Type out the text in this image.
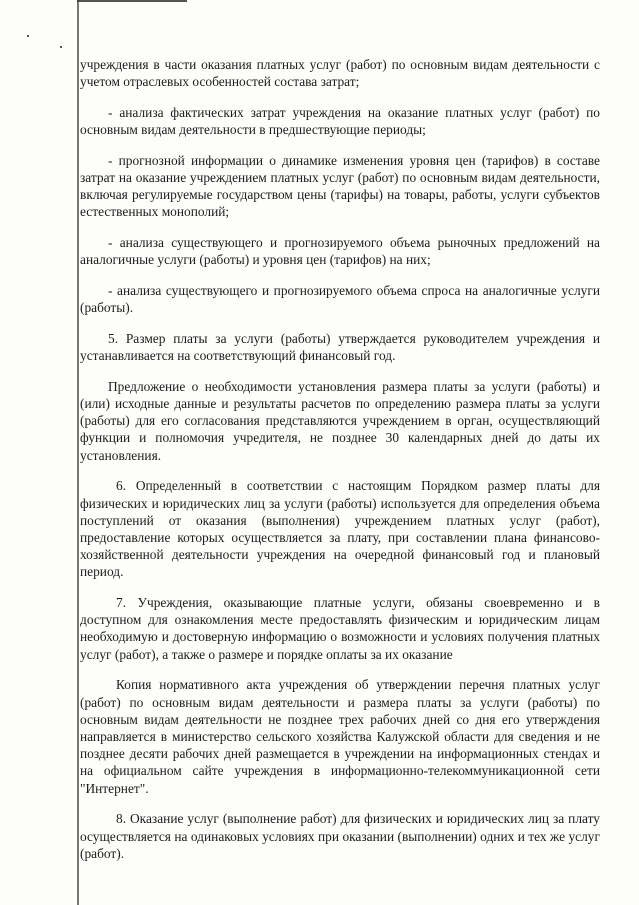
учреждения в части оказания платных услуг (работ) по основным видам деятельности с учетом отраслевых особенностей состава затрат;

- анализа фактических затрат учреждения на оказание платных услуг (работ) по основным видам деятельности в предшествующие периоды;

- прогнозной информации о динамике изменения уровня цен (тарифов) в составе затрат на оказание учреждением платных услуг (работ) по основным видам деятельности, включая регулируемые государством цены (тарифы) на товары, работы, услуги субъектов естественных монополий;

- анализа существующего и прогнозируемого объема рыночных предложений на аналогичные услуги (работы) и уровня цен (тарифов) на них;

- анализа существующего и прогнозируемого объема спроса на аналогичные услуги (работы).

5. Размер платы за услуги (работы) утверждается руководителем учреждения и устанавливается на соответствующий финансовый год.

Предложение о необходимости установления размера платы за услуги (работы) и (или) исходные данные и результаты расчетов по определению размера платы за услуги (работы) для его согласования представляются учреждением в орган, осуществляющий функции и полномочия учредителя, не позднее 30 календарных дней до даты их установления.

6. Определенный в соответствии с настоящим Порядком размер платы для физических и юридических лиц за услуги (работы) используется для определения объема поступлений от оказания (выполнения) учреждением платных услуг (работ), предоставление которых осуществляется за плату, при составлении плана финансово-хозяйственной деятельности учреждения на очередной финансовый год и плановый период.

7. Учреждения, оказывающие платные услуги, обязаны своевременно и в доступном для ознакомления месте предоставлять физическим и юридическим лицам необходимую и достоверную информацию о возможности и условиях получения платных услуг (работ), а также о размере и порядке оплаты за их оказание

Копия нормативного акта учреждения об утверждении перечня платных услуг (работ) по основным видам деятельности и размера платы за услуги (работы) по основным видам деятельности не позднее трех рабочих дней со дня его утверждения направляется в министерство сельского хозяйства Калужской области для сведения и не позднее десяти рабочих дней размещается в учреждении на информационных стендах и на официальном сайте учреждения в информационно-телекоммуникационной сети "Интернет".

8. Оказание услуг (выполнение работ) для физических и юридических лиц за плату осуществляется на одинаковых условиях при оказании (выполнении) одних и тех же услуг (работ).
